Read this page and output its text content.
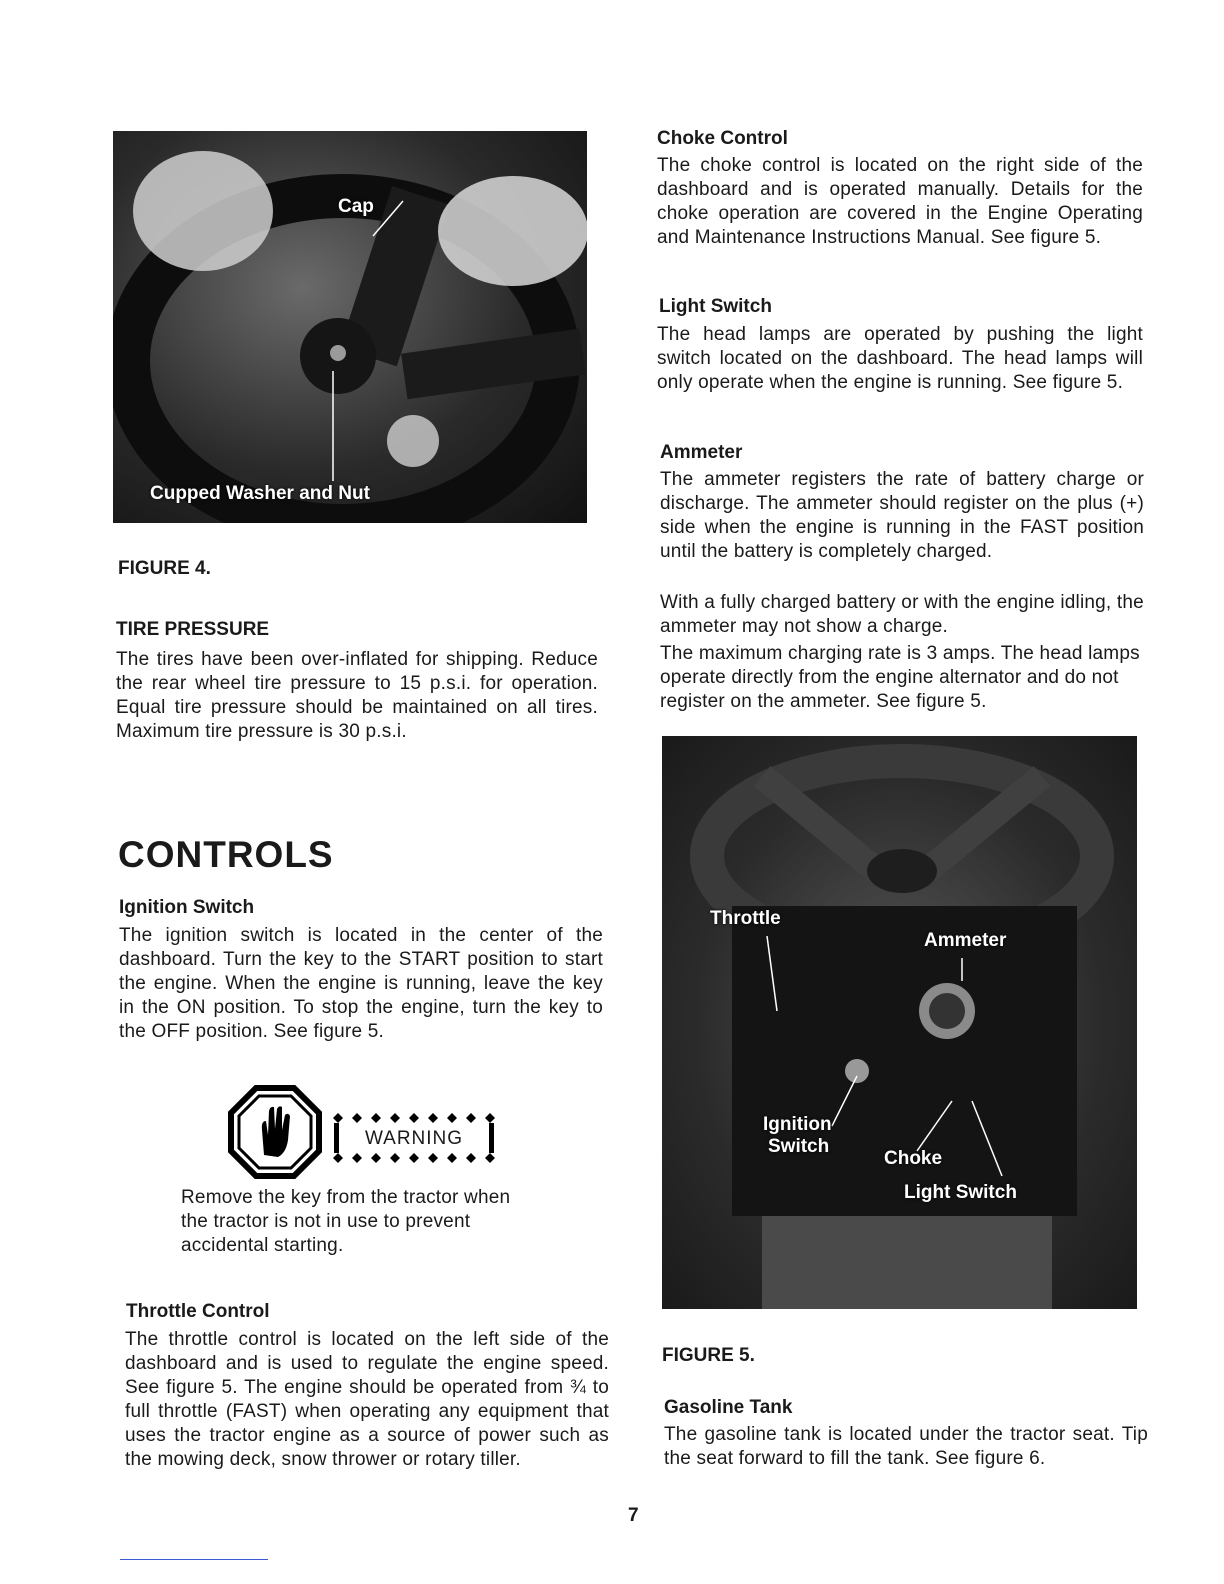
Cap
Cupped Washer and Nut
FIGURE 4.
TIRE PRESSURE

The tires have been over-inflated for shipping. Reduce the rear wheel tire pressure to 15 p.s.i. for operation. Equal tire pressure should be maintained on all tires. Maximum tire pressure is 30 p.s.i.

CONTROLS
Ignition Switch

The ignition switch is located in the center of the dashboard. Turn the key to the START position to start the engine. When the engine is running, leave the key in the ON position. To stop the engine, turn the key to the OFF position. See figure 5.

WARNING

Remove the key from the tractor when the tractor is not in use to prevent accidental starting.

Throttle Control

The throttle control is located on the left side of the dashboard and is used to regulate the engine speed. See figure 5. The engine should be operated from ¾ to full throttle (FAST) when operating any equipment that uses the tractor engine as a source of power such as the mowing deck, snow thrower or rotary tiller.

Choke Control

The choke control is located on the right side of the dashboard and is operated manually. Details for the choke operation are covered in the Engine Operating and Maintenance Instructions Manual. See figure 5.

Light Switch

The head lamps are operated by pushing the light switch located on the dashboard. The head lamps will only operate when the engine is running. See figure 5.

Ammeter

The ammeter registers the rate of battery charge or discharge. The ammeter should register on the plus (+) side when the engine is running in the FAST position until the battery is completely charged.

With a fully charged battery or with the engine idling, the ammeter may not show a charge.

The maximum charging rate is 3 amps. The head lamps operate directly from the engine alternator and do not register on the ammeter. See figure 5.

Throttle
Ammeter
Ignition
Switch
Choke
Light Switch
FIGURE 5.
Gasoline Tank

The gasoline tank is located under the tractor seat. Tip the seat forward to fill the tank. See figure 6.

7
